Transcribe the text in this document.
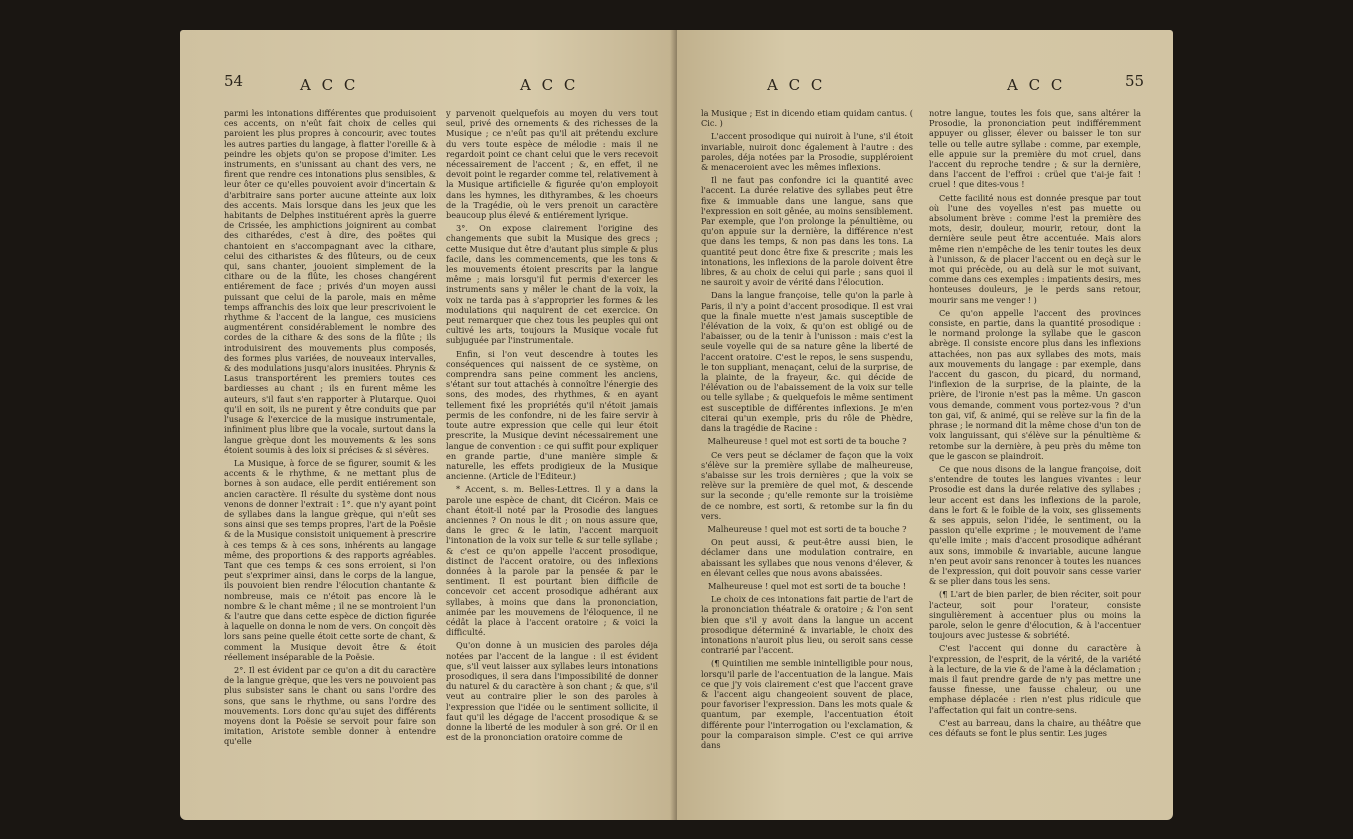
54	A C C	A C C

parmi les intonations différentes que produisoient ces accents, on n'eût fait choix de celles qui paroient les plus propres à concourir, avec toutes les autres parties du langage, à flatter l'oreille & à peindre les objets qu'on se propose d'imiter. Les instruments, en s'unissant au chant des vers, ne firent que rendre ces intonations plus sensibles, & leur ôter ce qu'elles pouvoient avoir d'incertain & d'arbitraire sans porter aucune atteinte aux loix des accents. Mais lorsque dans les jeux que les habitants de Delphes instituérent après la guerre de Crissée, les amphictions joignirent au combat des citharédes, c'est à dire, des poëtes qui chantoient en s'accompagnant avec la cithare, celui des citharistes & des flûteurs, ou de ceux qui, sans chanter, jouoient simplement de la cithare ou de la flûte, les choses changérent entiérement de face ; privés d'un moyen aussi puissant que celui de la parole, mais en même temps affranchis des loix que leur prescrivoient le rhythme & l'accent de la langue, ces musiciens augmentérent considérablement le nombre des cordes de la cithare & des sons de la flûte ; ils introduisirent des mouvements plus composés, des formes plus variées, de nouveaux intervalles, & des modulations jusqu'alors inusitées. Phrynis & Lasus transportérent les premiers toutes ces bardiesses au chant ; ils en furent même les auteurs, s'il faut s'en rapporter à Plutarque. Quoi qu'il en soit, ils ne purent y être conduits que par l'usage & l'exercice de la musique instrumentale, infiniment plus libre que la vocale, surtout dans la langue grèque dont les mouvements & les sons étoient soumis à des loix si précises & si sévères.

La Musique, à force de se figurer, soumit & les accents & le rhythme, & ne mettant plus de bornes à son audace, elle perdit entiérement son ancien caractère. Il résulte du système dont nous venons de donner l'extrait : 1°. que n'y ayant point de syllabes dans la langue grèque, qui n'eût ses sons ainsi que ses temps propres, l'art de la Poësie & de la Musique consistoit uniquement à prescrire à ces temps & à ces sons, inhérents au langage même, des proportions & des rapports agréables. Tant que ces temps & ces sons erroient, si l'on peut s'exprimer ainsi, dans le corps de la langue, ils pouvoient bien rendre l'élocution chantante & nombreuse, mais ce n'étoit pas encore là le nombre & le chant même ; il ne se montroient l'un & l'autre que dans cette espèce de diction figurée à laquelle on donna le nom de vers. On conçoit dès lors sans peine quelle étoit cette sorte de chant, & comment la Musique devoit être & étoit réellement inséparable de la Poësie.

2°. Il est évident par ce qu'on a dit du caractère de la langue grèque, que les vers ne pouvoient pas plus subsister sans le chant ou sans l'ordre des sons, que sans le rhythme, ou sans l'ordre des mouvements. Lors donc qu'au sujet des différents moyens dont la Poësie se servoit pour faire son imitation, Aristote semble donner à entendre qu'elle

y parvenoit quelquefois au moyen du vers tout seul, privé des ornements & des richesses de la Musique ; ce n'eût pas qu'il ait prétendu exclure du vers toute espèce de mélodie : mais il ne regardoit point ce chant celui que le vers recevoit nécessairement de l'accent ; &, en effet, il ne devoit point le regarder comme tel, relativement à la Musique artificielle & figurée qu'on employoit dans les hymnes, les dithyrambes, & les choeurs de la Tragédie, où le vers prenoit un caractère beaucoup plus élevé & entiérement lyrique.

3°. On expose clairement l'origine des changements que subit la Musique des grecs ; cette Musique dut être d'autant plus simple & plus facile, dans les commencements, que les tons & les mouvements étoient prescrits par la langue même ; mais lorsqu'il fut permis d'exercer les instruments sans y mêler le chant de la voix, la voix ne tarda pas à s'approprier les formes & les modulations qui naquirent de cet exercice. On peut remarquer que chez tous les peuples qui ont cultivé les arts, toujours la Musique vocale fut subjuguée par l'instrumentale.

Enfin, si l'on veut descendre à toutes les conséquences qui naissent de ce système, on comprendra sans peine comment les anciens, s'étant sur tout attachés à connoître l'énergie des sons, des modes, des rhythmes, & en ayant tellement fixé les propriétés qu'il n'étoit jamais permis de les confondre, ni de les faire servir à toute autre expression que celle qui leur étoit prescrite, la Musique devint nécessairement une langue de convention : ce qui suffit pour expliquer en grande partie, d'une manière simple & naturelle, les effets prodigieux de la Musique ancienne. (Article de l'Editeur.)

* Accent, s. m. Belles-Lettres. Il y a dans la parole une espèce de chant, dit Cicéron. Mais ce chant étoit-il noté par la Prosodie des langues anciennes ? On nous le dit ; on nous assure que, dans le grec & le latin, l'accent marquoit l'intonation de la voix sur telle & sur telle syllabe ; & c'est ce qu'on appelle l'accent prosodique, distinct de l'accent oratoire, ou des inflexions données à la parole par la pensée & par le sentiment. Il est pourtant bien difficile de concevoir cet accent prosodique adhérant aux syllabes, à moins que dans la prononciation, animée par les mouvemens de l'éloquence, il ne cédât la place à l'accent oratoire ; & voici la difficulté.

Qu'on donne à un musicien des paroles déja notées par l'accent de la langue : il est évident que, s'il veut laisser aux syllabes leurs intonations prosodiques, il sera dans l'impossibilité de donner du naturel & du caractère à son chant ; & que, s'il veut au contraire plier le son des paroles à l'expression que l'idée ou le sentiment sollicite, il faut qu'il les dégage de l'accent prosodique & se donne la liberté de les moduler à son gré. Or il en est de la prononciation oratoire comme de

A C C	A C C	55

la Musique ; Est in dicendo etiam quidam cantus. ( Cic. )

L'accent prosodique qui nuiroit à l'une, s'il étoit invariable, nuiroit donc également à l'autre : des paroles, déja notées par la Prosodie, suppléroient & menaceroient avec les mêmes inflexions.

Il ne faut pas confondre ici la quantité avec l'accent. La durée relative des syllabes peut être fixe & immuable dans une langue, sans que l'expression en soit gênée, au moins sensiblement. Par exemple, que l'on prolonge la pénultième, ou qu'on appuie sur la dernière, la différence n'est que dans les temps, & non pas dans les tons. La quantité peut donc être fixe & prescrite ; mais les intonations, les inflexions de la parole doivent être libres, & au choix de celui qui parle ; sans quoi il ne sauroit y avoir de vérité dans l'élocution.

Dans la langue françoise, telle qu'on la parle à Paris, il n'y a point d'accent prosodique. Il est vrai que la finale muette n'est jamais susceptible de l'élévation de la voix, & qu'on est obligé ou de l'abaisser, ou de la tenir à l'unisson : mais c'est la seule voyelle qui de sa nature gêne la liberté de l'accent oratoire. C'est le repos, le sens suspendu, le ton suppliant, menaçant, celui de la surprise, de la plainte, de la frayeur, &c. qui décide de l'élévation ou de l'abaissement de la voix sur telle ou telle syllabe ; & quelquefois le même sentiment est susceptible de différentes inflexions. Je m'en citerai qu'un exemple, pris du rôle de Phèdre, dans la tragédie de Racine :

Malheureuse ! quel mot est sorti de ta bouche ?

Ce vers peut se déclamer de façon que la voix s'élève sur la première syllabe de malheureuse, s'abaisse sur les trois dernières ; que la voix se relève sur la première de quel mot, & descende sur la seconde ; qu'elle remonte sur la troisième de ce nombre, est sorti, & retombe sur la fin du vers.

Malheureuse ! quel mot est sorti de ta bouche ?

On peut aussi, & peut-être aussi bien, le déclamer dans une modulation contraire, en abaissant les syllabes que nous venons d'élever, & en élevant celles que nous avons abaissées.

Malheureuse ! quel mot est sorti de ta bouche !

Le choix de ces intonations fait partie de l'art de la prononciation théatrale & oratoire ; & l'on sent bien que s'il y avoit dans la langue un accent prosodique déterminé & invariable, le choix des intonations n'auroit plus lieu, ou seroit sans cesse contrarié par l'accent.

(¶ Quintilien me semble inintelligible pour nous, lorsqu'il parle de l'accentuation de la langue. Mais ce que j'y vois clairement c'est que l'accent grave & l'accent aigu changeoient souvent de place, pour favoriser l'expression. Dans les mots quale & quantum, par exemple, l'accentuation étoit différente pour l'interrogation ou l'exclamation, & pour la comparaison simple. C'est ce qui arrive dans

notre langue, toutes les fois que, sans altérer la Prosodie, la prononciation peut indifféremment appuyer ou glisser, élever ou baisser le ton sur telle ou telle autre syllabe : comme, par exemple, elle appuie sur la première du mot cruel, dans l'accent du reproche tendre ; & sur la dernière, dans l'accent de l'effroi : crüel que t'ai-je fait ! cruel ! que dites-vous !

Cette facilité nous est donnée presque par tout où l'une des voyelles n'est pas muette ou absolument brève : comme l'est la première des mots, desir, douleur, mourir, retour, dont la dernière seule peut être accentuée. Mais alors même rien n'empêche de les tenir toutes les deux à l'unisson, & de placer l'accent ou en deçà sur le mot qui précède, ou au delà sur le mot suivant, comme dans ces exemples : impatients desirs, mes honteuses douleurs, je le perds sans retour, mourir sans me venger ! )

Ce qu'on appelle l'accent des provinces consiste, en partie, dans la quantité prosodique : le normand prolonge la syllabe que le gascon abrège. Il consiste encore plus dans les inflexions attachées, non pas aux syllabes des mots, mais aux mouvements du langage : par exemple, dans l'accent du gascon, du picard, du normand, l'inflexion de la surprise, de la plainte, de la prière, de l'ironie n'est pas la même. Un gascon vous demande, comment vous portez-vous ? d'un ton gai, vif, & animé, qui se relève sur la fin de la phrase ; le normand dit la même chose d'un ton de voix languissant, qui s'élève sur la pénultième & retombe sur la dernière, à peu près du même ton que le gascon se plaindroit.

Ce que nous disons de la langue françoise, doit s'entendre de toutes les langues vivantes : leur Prosodie est dans la durée relative des syllabes ; leur accent est dans les inflexions de la parole, dans le fort & le foible de la voix, ses glissements & ses appuis, selon l'idée, le sentiment, ou la passion qu'elle exprime ; le mouvement de l'ame qu'elle imite ; mais d'accent prosodique adhérant aux sons, immobile & invariable, aucune langue n'en peut avoir sans renoncer à toutes les nuances de l'expression, qui doit pouvoir sans cesse varier & se plier dans tous les sens.

(¶ L'art de bien parler, de bien réciter, soit pour l'acteur, soit pour l'orateur, consiste singulièrement à accentuer plus ou moins la parole, selon le genre d'élocution, & à l'accentuer toujours avec justesse & sobriété.

C'est l'accent qui donne du caractère à l'expression, de l'esprit, de la vérité, de la variété à la lecture, de la vie & de l'ame à la déclamation ; mais il faut prendre garde de n'y pas mettre une fausse finesse, une fausse chaleur, ou une emphase déplacée : rien n'est plus ridicule que l'affectation qui fait un contre-sens.

C'est au barreau, dans la chaire, au théâtre que ces défauts se font le plus sentir. Les juges
